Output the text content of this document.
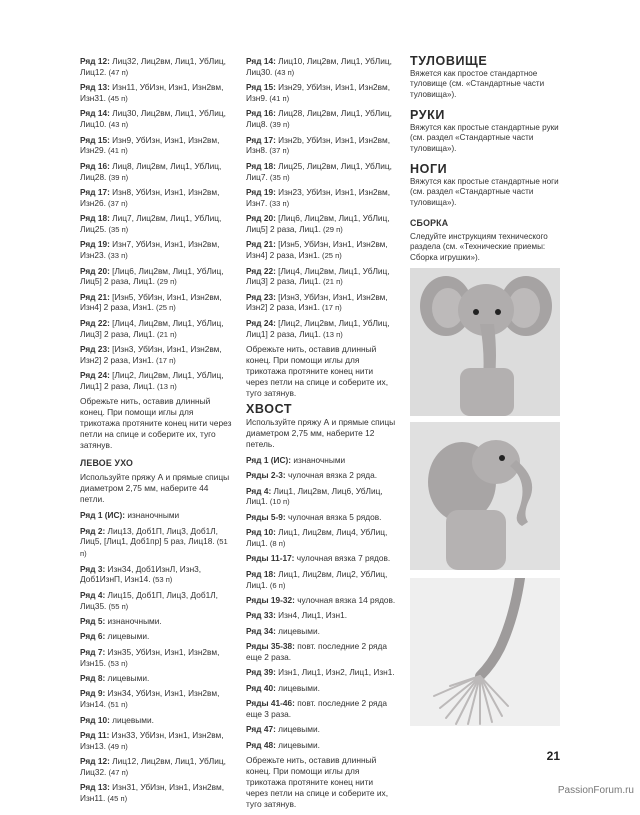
Ряд 12: Лиц32, Лиц2вм, Лиц1, УбЛиц, Лиц12. (47 п)

Ряд 13: Изн11, УбИзн, Изн1, Изн2вм, Изн31. (45 п)

Ряд 14: Лиц30, Лиц2вм, Лиц1, УбЛиц, Лиц10. (43 п)

Ряд 15: Изн9, УбИзн, Изн1, Изн2вм, Изн29. (41 п)

Ряд 16: Лиц8, Лиц2вм, Лиц1, УбЛиц, Лиц28. (39 п)

Ряд 17: Изн8, УбИзн, Изн1, Изн2вм, Изн26. (37 п)

Ряд 18: Лиц7, Лиц2вм, Лиц1, УбЛиц, Лиц25. (35 п)

Ряд 19: Изн7, УбИзн, Изн1, Изн2вм, Изн23. (33 п)

Ряд 20: [Лиц6, Лиц2вм, Лиц1, УбЛиц, Лиц5] 2 раза, Лиц1. (29 п)

Ряд 21: [Изн5, УбИзн, Изн1, Изн2вм, Изн4] 2 раза, Изн1. (25 п)

Ряд 22: [Лиц4, Лиц2вм, Лиц1, УбЛиц, Лиц3] 2 раза, Лиц1. (21 п)

Ряд 23: [Изн3, УбИзн, Изн1, Изн2вм, Изн2] 2 раза, Изн1. (17 п)

Ряд 24: [Лиц2, Лиц2вм, Лиц1, УбЛиц, Лиц1] 2 раза, Лиц1. (13 п)

Обрежьте нить, оставив длинный конец. При помощи иглы для трикотажа протяните конец нити через петли на спице и соберите их, туго затянув.

ЛЕВОЕ УХО

Используйте пряжу А и прямые спицы диаметром 2,75 мм, наберите 44 петли.

Ряд 1 (ИС): изнаночными

Ряд 2: Лиц13, Доб1П, Лиц3, Доб1Л, Лиц5, [Лиц1, Доб1пр] 5 раз, Лиц18. (51 п)

Ряд 3: Изн34, Доб1ИзнЛ, Изн3, Доб1ИзнП, Изн14. (53 п)

Ряд 4: Лиц15, Доб1П, Лиц3, Доб1Л, Лиц35. (55 п)

Ряд 5: изнаночными.

Ряд 6: лицевыми.

Ряд 7: Изн35, УбИзн, Изн1, Изн2вм, Изн15. (53 п)

Ряд 8: лицевыми.

Ряд 9: Изн34, УбИзн, Изн1, Изн2вм, Изн14. (51 п)

Ряд 10: лицевыми.

Ряд 11: Изн33, УбИзн, Изн1, Изн2вм, Изн13. (49 п)

Ряд 12: Лиц12, Лиц2вм, Лиц1, УбЛиц, Лиц32. (47 п)

Ряд 13: Изн31, УбИзн, Изн1, Изн2вм, Изн11. (45 п)

Ряд 14: Лиц10, Лиц2вм, Лиц1, УбЛиц, Лиц30. (43 п)

Ряд 15: Изн29, УбИзн, Изн1, Изн2вм, Изн9. (41 п)

Ряд 16: Лиц28, Лиц2вм, Лиц1, УбЛиц, Лиц8. (39 п)

Ряд 17: Изн2b, УбИзн, Изн1, Изн2вм, Изн8. (37 п)

Ряд 18: Лиц25, Лиц2вм, Лиц1, УбЛиц, Лиц7. (35 п)

Ряд 19: Изн23, УбИзн, Изн1, Изн2вм, Изн7. (33 п)

Ряд 20: [Лиц6, Лиц2вм, Лиц1, УбЛиц, Лиц5] 2 раза, Лиц1. (29 п)

Ряд 21: [Изн5, УбИзн, Изн1, Изн2вм, Изн4] 2 раза, Изн1. (25 п)

Ряд 22: [Лиц4, Лиц2вм, Лиц1, УбЛиц, Лиц3] 2 раза, Лиц1. (21 п)

Ряд 23: [Изн3, УбИзн, Изн1, Изн2вм, Изн2] 2 раза, Изн1. (17 п)

Ряд 24: [Лиц2, Лиц2вм, Лиц1, УбЛиц, Лиц1] 2 раза, Лиц1. (13 п)

Обрежьте нить, оставив длинный конец. При помощи иглы для трикотажа протяните конец нити через петли на спице и соберите их, туго затянув.

ХВОСТ

Используйте пряжу А и прямые спицы диаметром 2,75 мм, наберите 12 петель.

Ряд 1 (ИС): изнаночными

Ряды 2-3: чулочная вязка 2 ряда.

Ряд 4: Лиц1, Лиц2вм, Лиц6, УбЛиц, Лиц1. (10 п)

Ряды 5-9: чулочная вязка 5 рядов.

Ряд 10: Лиц1, Лиц2вм, Лиц4, УбЛиц, Лиц1. (8 п)

Ряды 11-17: чулочная вязка 7 рядов.

Ряд 18: Лиц1, Лиц2вм, Лиц2, УбЛиц, Лиц1. (6 п)

Ряды 19-32: чулочная вязка 14 рядов.

Ряд 33: Изн4, Лиц1, Изн1.

Ряд 34: лицевыми.

Ряды 35-38: повт. последние 2 ряда еще 2 раза.

Ряд 39: Изн1, Лиц1, Изн2, Лиц1, Изн1.

Ряд 40: лицевыми.

Ряды 41-46: повт. последние 2 ряда еще 3 раза.

Ряд 47: лицевыми.

Ряд 48: лицевыми.

Обрежьте нить, оставив длинный конец. При помощи иглы для трикотажа протяните конец нити через петли на спице и соберите их, туго затянув.

ТУЛОВИЩЕ

Вяжется как простое стандартное туловище (см. «Стандартные части туловища»).

РУКИ

Вяжутся как простые стандартные руки (см. раздел «Стандартные части туловища»).

НОГИ

Вяжутся как простые стандартные ноги (см. раздел «Стандартные части туловища»).

СБОРКА

Следуйте инструкциям технического раздела (см. «Технические приемы: Сборка игрушки»).

21
PassionForum.ru
